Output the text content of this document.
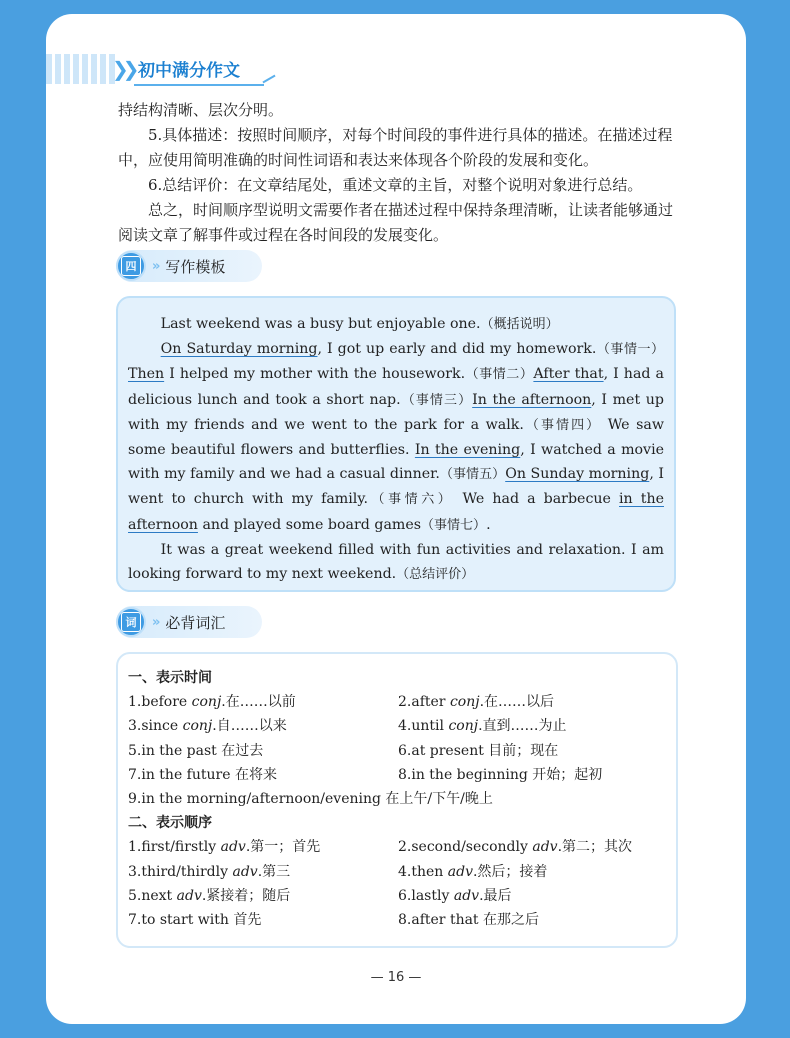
❯❯ 初中满分作文

持结构清晰、层次分明。

5.具体描述：按照时间顺序，对每个时间段的事件进行具体的描述。在描述过程中，应使用简明准确的时间性词语和表达来体现各个阶段的发展和变化。

6.总结评价：在文章结尾处，重述文章的主旨，对整个说明对象进行总结。

总之，时间顺序型说明文需要作者在描述过程中保持条理清晰，让读者能够通过阅读文章了解事件或过程在各时间段的发展变化。

四	» 写作模板

Last weekend was a busy but enjoyable one.（概括说明）

On Saturday morning, I got up early and did my homework.（事情一）Then I helped my mother with the housework.（事情二）After that, I had a delicious lunch and took a short nap.（事情三）In the afternoon, I met up with my friends and we went to the park for a walk.（事情四） We saw some beautiful flowers and butterflies. In the evening, I watched a movie with my family and we had a casual dinner.（事情五）On Sunday morning, I went to church with my family.（事情六） We had a barbecue in the afternoon and played some board games（事情七）.

It was a great weekend filled with fun activities and relaxation. I am looking forward to my next weekend.（总结评价）

词	» 必背词汇

一、表示时间

1.before conj.在……以前	2.after conj.在……以后
3.since conj.自……以来	4.until conj.直到……为止
5.in the past 在过去	6.at present 目前；现在
7.in the future 在将来	8.in the beginning 开始；起初

9.in the morning/afternoon/evening 在上午/下午/晚上

二、表示顺序

1.first/firstly adv.第一；首先	2.second/secondly adv.第二；其次
3.third/thirdly adv.第三	4.then adv.然后；接着
5.next adv.紧接着；随后	6.lastly adv.最后
7.to start with 首先	8.after that 在那之后
— 16 —
